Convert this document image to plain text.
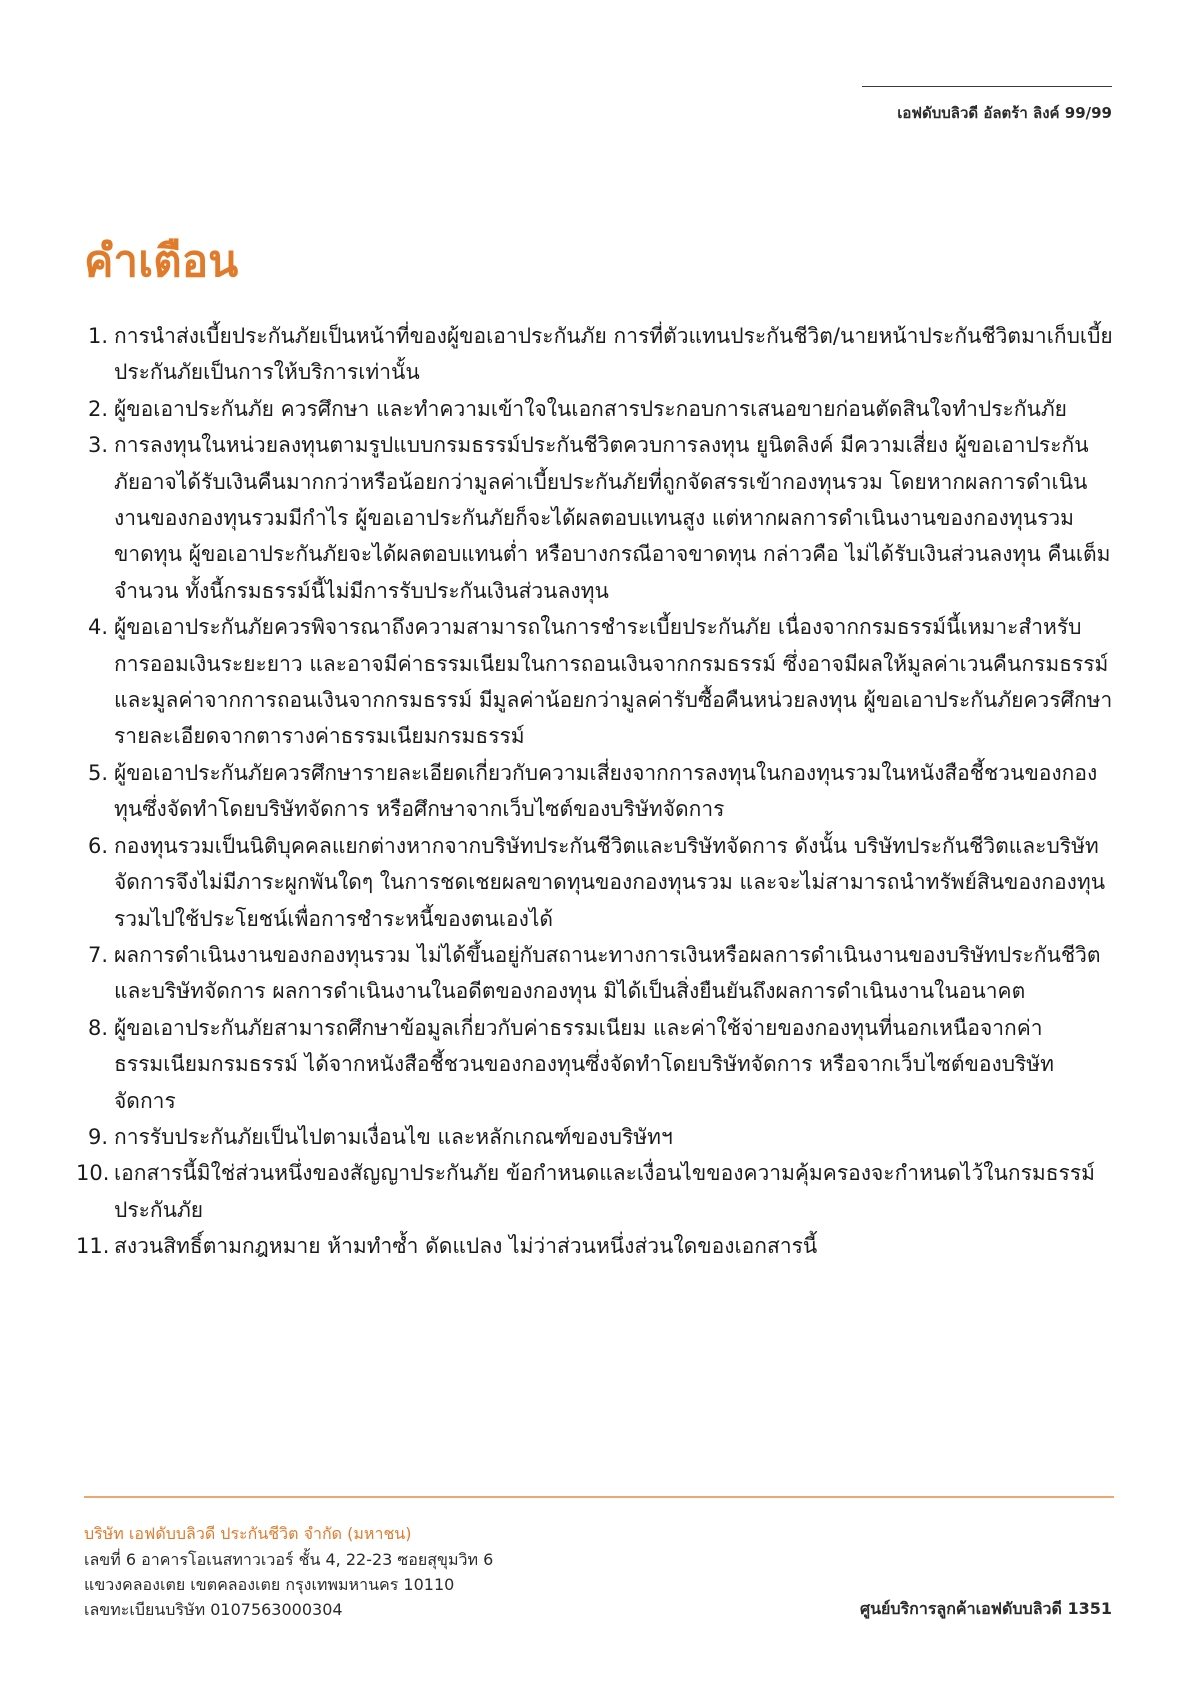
เอฟดับบลิวดี อัลตร้า ลิงค์ 99/99
คำเตือน
1. การนำส่งเบี้ยประกันภัยเป็นหน้าที่ของผู้ขอเอาประกันภัย การที่ตัวแทนประกันชีวิต/นายหน้าประกันชีวิตมาเก็บเบี้ยประกันภัยเป็นการให้บริการเท่านั้น
2. ผู้ขอเอาประกันภัย ควรศึกษา และทำความเข้าใจในเอกสารประกอบการเสนอขายก่อนตัดสินใจทำประกันภัย
3. การลงทุนในหน่วยลงทุนตามรูปแบบกรมธรรม์ประกันชีวิตควบการลงทุน ยูนิตลิงค์ มีความเสี่ยง ผู้ขอเอาประกันภัยอาจได้รับเงินคืนมากกว่าหรือน้อยกว่ามูลค่าเบี้ยประกันภัยที่ถูกจัดสรรเข้ากองทุนรวม โดยหากผลการดำเนินงานของกองทุนรวมมีกำไร ผู้ขอเอาประกันภัยก็จะได้ผลตอบแทนสูง แต่หากผลการดำเนินงานของกองทุนรวมขาดทุน ผู้ขอเอาประกันภัยจะได้ผลตอบแทนต่ำ หรือบางกรณีอาจขาดทุน กล่าวคือ ไม่ได้รับเงินส่วนลงทุน คืนเต็มจำนวน ทั้งนี้กรมธรรม์นี้ไม่มีการรับประกันเงินส่วนลงทุน
4. ผู้ขอเอาประกันภัยควรพิจารณาถึงความสามารถในการชำระเบี้ยประกันภัย เนื่องจากกรมธรรม์นี้เหมาะสำหรับการออมเงินระยะยาว และอาจมีค่าธรรมเนียมในการถอนเงินจากกรมธรรม์ ซึ่งอาจมีผลให้มูลค่าเวนคืนกรมธรรม์ และมูลค่าจากการถอนเงินจากกรมธรรม์ มีมูลค่าน้อยกว่ามูลค่ารับซื้อคืนหน่วยลงทุน ผู้ขอเอาประกันภัยควรศึกษารายละเอียดจากตารางค่าธรรมเนียมกรมธรรม์
5. ผู้ขอเอาประกันภัยควรศึกษารายละเอียดเกี่ยวกับความเสี่ยงจากการลงทุนในกองทุนรวมในหนังสือชี้ชวนของกองทุนซึ่งจัดทำโดยบริษัทจัดการ หรือศึกษาจากเว็บไซต์ของบริษัทจัดการ
6. กองทุนรวมเป็นนิติบุคคลแยกต่างหากจากบริษัทประกันชีวิตและบริษัทจัดการ ดังนั้น บริษัทประกันชีวิตและบริษัทจัดการจึงไม่มีภาระผูกพันใดๆ ในการชดเชยผลขาดทุนของกองทุนรวม และจะไม่สามารถนำทรัพย์สินของกองทุนรวมไปใช้ประโยชน์เพื่อการชำระหนี้ของตนเองได้
7. ผลการดำเนินงานของกองทุนรวม ไม่ได้ขึ้นอยู่กับสถานะทางการเงินหรือผลการดำเนินงานของบริษัทประกันชีวิตและบริษัทจัดการ ผลการดำเนินงานในอดีตของกองทุน มิได้เป็นสิ่งยืนยันถึงผลการดำเนินงานในอนาคต
8. ผู้ขอเอาประกันภัยสามารถศึกษาข้อมูลเกี่ยวกับค่าธรรมเนียม และค่าใช้จ่ายของกองทุนที่นอกเหนือจากค่าธรรมเนียมกรมธรรม์ ได้จากหนังสือชี้ชวนของกองทุนซึ่งจัดทำโดยบริษัทจัดการ หรือจากเว็บไซต์ของบริษัทจัดการ
9. การรับประกันภัยเป็นไปตามเงื่อนไข และหลักเกณฑ์ของบริษัทฯ
10. เอกสารนี้มิใช่ส่วนหนึ่งของสัญญาประกันภัย ข้อกำหนดและเงื่อนไขของความคุ้มครองจะกำหนดไว้ในกรมธรรม์ประกันภัย
11. สงวนสิทธิ์ตามกฎหมาย ห้ามทำซ้ำ ดัดแปลง ไม่ว่าส่วนหนึ่งส่วนใดของเอกสารนี้
บริษัท เอฟดับบลิวดี ประกันชีวิต จำกัด (มหาชน)
เลขที่ 6 อาคารโอเนสทาวเวอร์ ชั้น 4, 22-23 ซอยสุขุมวิท 6
แขวงคลองเตย เขตคลองเตย กรุงเทพมหานคร 10110
เลขทะเบียนบริษัท 0107563000304	ศูนย์บริการลูกค้าเอฟดับบลิวดี 1351
